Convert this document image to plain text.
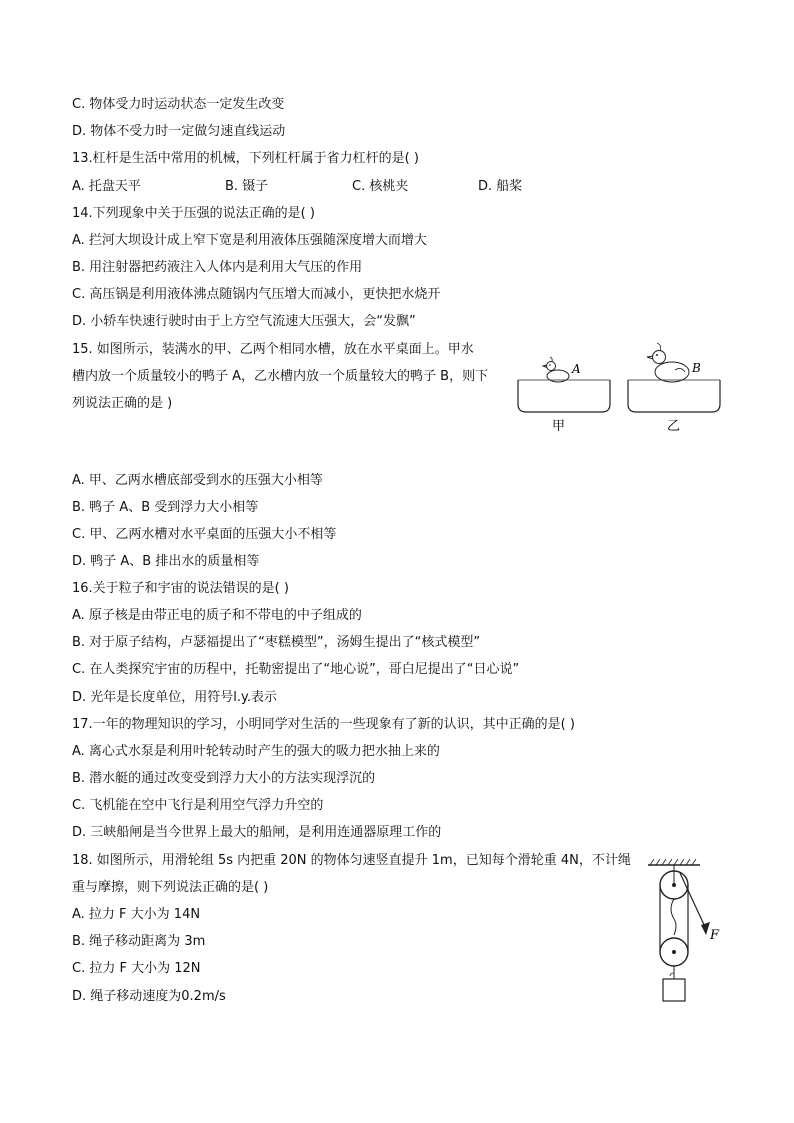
C. 物体受力时运动状态一定发生改变
D. 物体不受力时一定做匀速直线运动
13.杠杆是生活中常用的机械，下列杠杆属于省力杠杆的是( )
A. 托盘天平	B. 镊子	C. 核桃夹	D. 船桨
14.下列现象中关于压强的说法正确的是( )
A. 拦河大坝设计成上窄下宽是利用液体压强随深度增大而增大
B. 用注射器把药液注入人体内是利用大气压的作用
C. 高压锅是利用液体沸点随锅内气压增大而减小，更快把水烧开
D. 小轿车快速行驶时由于上方空气流速大压强大，会“发飘”
15. 如图所示，装满水的甲、乙两个相同水槽，放在水平桌面上。甲水
槽内放一个质量较小的鸭子 A，乙水槽内放一个质量较大的鸭子 B，则下
列说法正确的是 )
A	B
甲	乙
A. 甲、乙两水槽底部受到水的压强大小相等
B. 鸭子 A、B 受到浮力大小相等
C. 甲、乙两水槽对水平桌面的压强大小不相等
D. 鸭子 A、B 排出水的质量相等
16.关于粒子和宇宙的说法错误的是( )
A. 原子核是由带正电的质子和不带电的中子组成的
B. 对于原子结构，卢瑟福提出了“枣糕模型”，汤姆生提出了“核式模型”
C. 在人类探究宇宙的历程中，托勒密提出了“地心说”，哥白尼提出了“日心说”
D. 光年是长度单位，用符号l.y.表示
17.一年的物理知识的学习，小明同学对生活的一些现象有了新的认识，其中正确的是( )
A. 离心式水泵是利用叶轮转动时产生的强大的吸力把水抽上来的
B. 潜水艇的通过改变受到浮力大小的方法实现浮沉的
C. 飞机能在空中飞行是利用空气浮力升空的
D. 三峡船闸是当今世界上最大的船闸，是利用连通器原理工作的
18. 如图所示，用滑轮组 5s 内把重 20N 的物体匀速竖直提升 1m，已知每个滑轮重 4N，不计绳
重与摩擦，则下列说法正确的是( )
A. 拉力 F 大小为 14N
B. 绳子移动距离为 3m
C. 拉力 F 大小为 12N
D. 绳子移动速度为0.2m/s
F
